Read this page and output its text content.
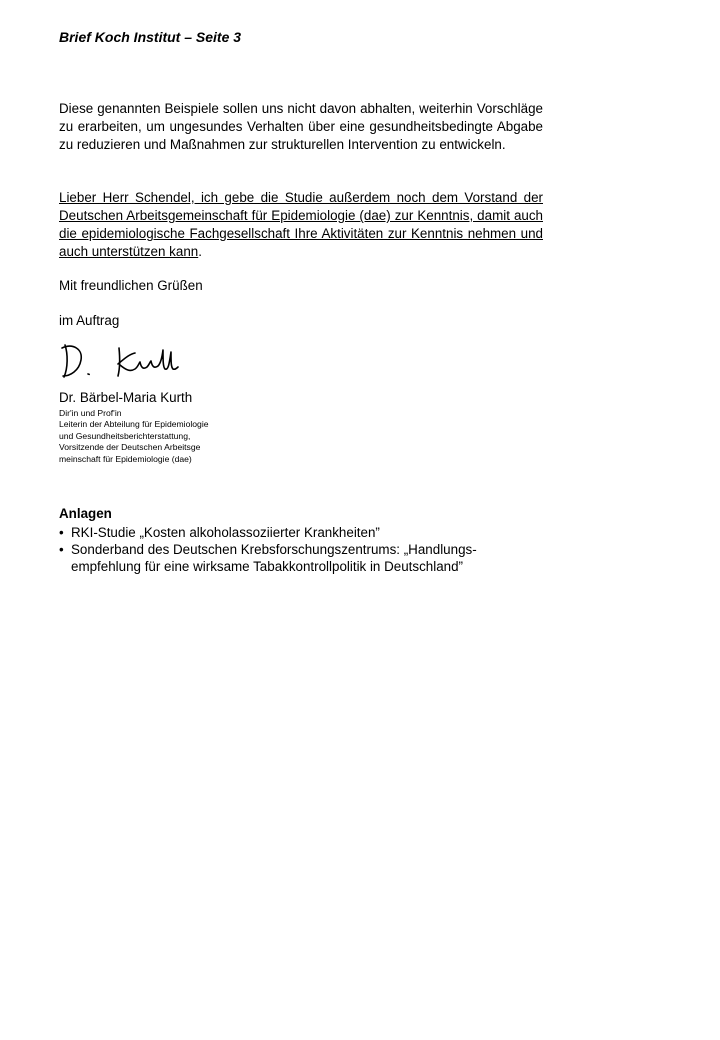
Brief Koch Institut – Seite 3
Diese genannten Beispiele sollen uns nicht davon abhalten, weiterhin Vorschläge zu erarbeiten, um ungesundes Verhalten über eine gesundheitsbedingte Abgabe zu reduzieren und Maßnahmen zur strukturellen Intervention zu entwickeln.
Lieber Herr Schendel, ich gebe die Studie außerdem noch dem Vorstand der Deutschen Arbeitsgemeinschaft für Epidemiologie (dae) zur Kenntnis, damit auch die epidemiologische Fachgesellschaft Ihre Aktivitäten zur Kenntnis nehmen und auch unterstützen kann.
Mit freundlichen Grüßen
im Auftrag
Dr. Bärbel-Maria Kurth
Dir'in und Prof'in
Leiterin der Abteilung für Epidemiologie
und Gesundheitsberichterstattung,
Vorsitzende der Deutschen Arbeitsge
meinschaft für Epidemiologie (dae)
Anlagen
• RKI-Studie „Kosten alkoholassoziierter Krankheiten”
• Sonderband des Deutschen Krebsforschungszentrums: „Handlungs-
empfehlung für eine wirksame Tabakkontrollpolitik in Deutschland”
